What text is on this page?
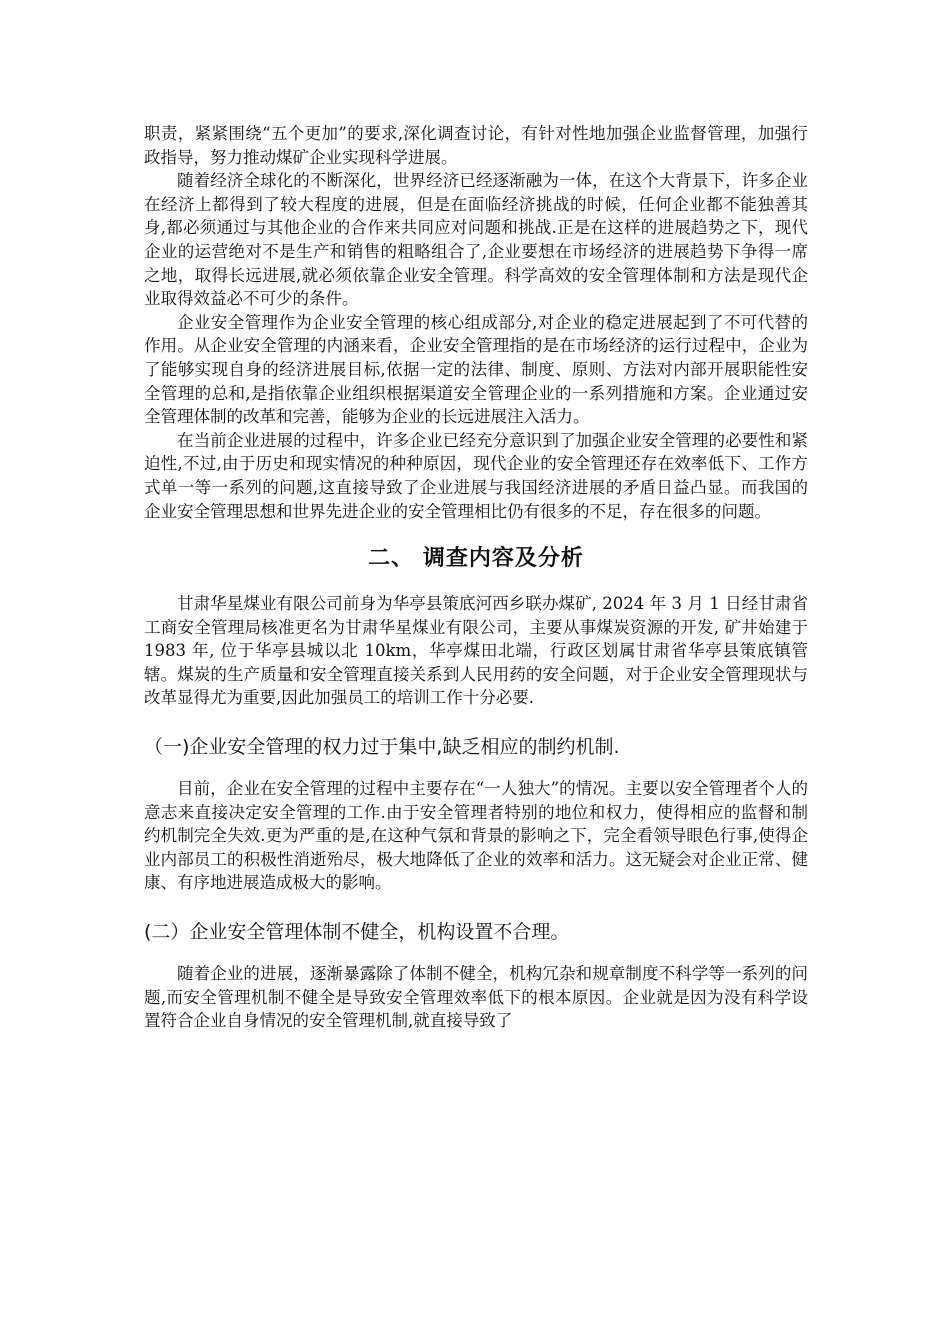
职责，紧紧围绕“五个更加”的要求,深化调查讨论，有针对性地加强企业监督管理，加强行政指导，努力推动煤矿企业实现科学进展。

随着经济全球化的不断深化，世界经济已经逐渐融为一体，在这个大背景下，许多企业在经济上都得到了较大程度的进展，但是在面临经济挑战的时候，任何企业都不能独善其身,都必须通过与其他企业的合作来共同应对问题和挑战.正是在这样的进展趋势之下，现代企业的运营绝对不是生产和销售的粗略组合了,企业要想在市场经济的进展趋势下争得一席之地，取得长远进展,就必须依靠企业安全管理。科学高效的安全管理体制和方法是现代企业取得效益必不可少的条件。

企业安全管理作为企业安全管理的核心组成部分,对企业的稳定进展起到了不可代替的作用。从企业安全管理的内涵来看，企业安全管理指的是在市场经济的运行过程中，企业为了能够实现自身的经济进展目标,依据一定的法律、制度、原则、方法对内部开展职能性安全管理的总和,是指依靠企业组织根据渠道安全管理企业的一系列措施和方案。企业通过安全管理体制的改革和完善，能够为企业的长远进展注入活力。

在当前企业进展的过程中，许多企业已经充分意识到了加强企业安全管理的必要性和紧迫性,不过,由于历史和现实情况的种种原因，现代企业的安全管理还存在效率低下、工作方式单一等一系列的问题,这直接导致了企业进展与我国经济进展的矛盾日益凸显。而我国的企业安全管理思想和世界先进企业的安全管理相比仍有很多的不足，存在很多的问题。

二、 调查内容及分析

甘肃华星煤业有限公司前身为华亭县策底河西乡联办煤矿, 2024 年 3 月 1 日经甘肃省工商安全管理局核准更名为甘肃华星煤业有限公司，主要从事煤炭资源的开发, 矿井始建于 1983 年, 位于华亭县城以北 10km，华亭煤田北端，行政区划属甘肃省华亭县策底镇管辖。煤炭的生产质量和安全管理直接关系到人民用药的安全问题，对于企业安全管理现状与改革显得尤为重要,因此加强员工的培训工作十分必要.

（一)企业安全管理的权力过于集中,缺乏相应的制约机制.

目前，企业在安全管理的过程中主要存在“一人独大”的情况。主要以安全管理者个人的意志来直接决定安全管理的工作.由于安全管理者特别的地位和权力，使得相应的监督和制约机制完全失效.更为严重的是,在这种气氛和背景的影响之下，完全看领导眼色行事,使得企业内部员工的积极性消逝殆尽，极大地降低了企业的效率和活力。这无疑会对企业正常、健康、有序地进展造成极大的影响。

(二）企业安全管理体制不健全，机构设置不合理。

随着企业的进展，逐渐暴露除了体制不健全，机构冗杂和规章制度不科学等一系列的问题,而安全管理机制不健全是导致安全管理效率低下的根本原因。企业就是因为没有科学设置符合企业自身情况的安全管理机制,就直接导致了
